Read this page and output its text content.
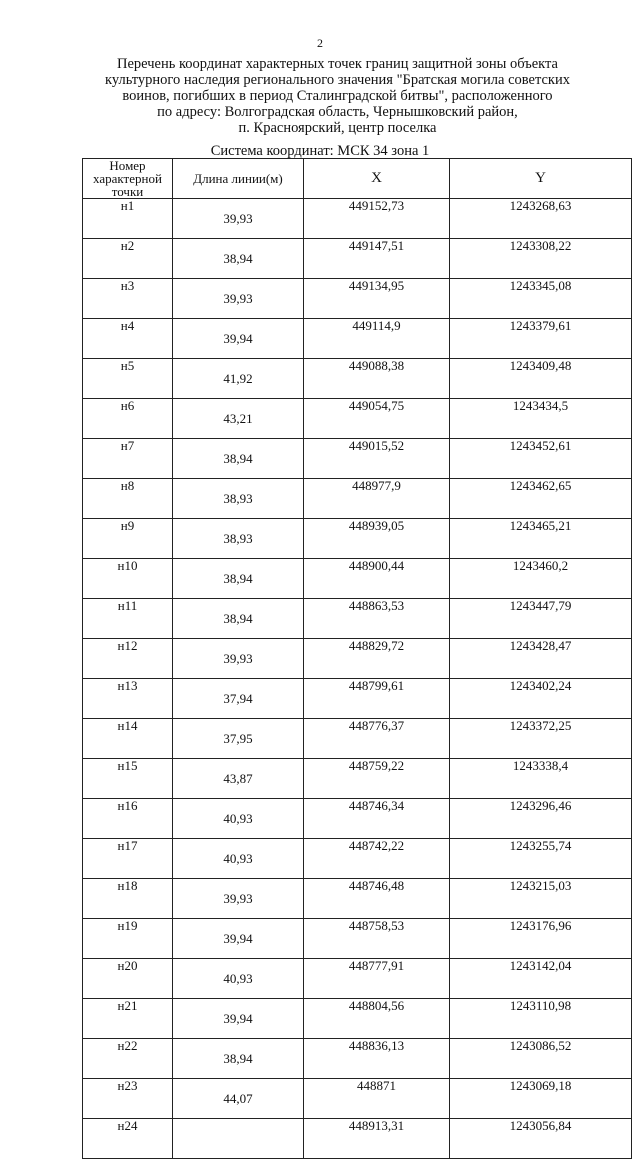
2
Перечень координат характерных точек границ защитной зоны объекта
культурного наследия регионального значения "Братская могила советских
воинов, погибших в период Сталинградской битвы", расположенного
по адресу: Волгоградская область, Чернышковский район,
п. Красноярский, центр поселка
Система координат: МСК 34 зона 1
Номер характерной точки	Длина линии(м)	X	Y
н1	39,93	449152,73	1243268,63
н2	38,94	449147,51	1243308,22
н3	39,93	449134,95	1243345,08
н4	39,94	449114,9	1243379,61
н5	41,92	449088,38	1243409,48
н6	43,21	449054,75	1243434,5
н7	38,94	449015,52	1243452,61
н8	38,93	448977,9	1243462,65
н9	38,93	448939,05	1243465,21
н10	38,94	448900,44	1243460,2
н11	38,94	448863,53	1243447,79
н12	39,93	448829,72	1243428,47
н13	37,94	448799,61	1243402,24
н14	37,95	448776,37	1243372,25
н15	43,87	448759,22	1243338,4
н16	40,93	448746,34	1243296,46
н17	40,93	448742,22	1243255,74
н18	39,93	448746,48	1243215,03
н19	39,94	448758,53	1243176,96
н20	40,93	448777,91	1243142,04
н21	39,94	448804,56	1243110,98
н22	38,94	448836,13	1243086,52
н23	44,07	448871	1243069,18
н24		448913,31	1243056,84
